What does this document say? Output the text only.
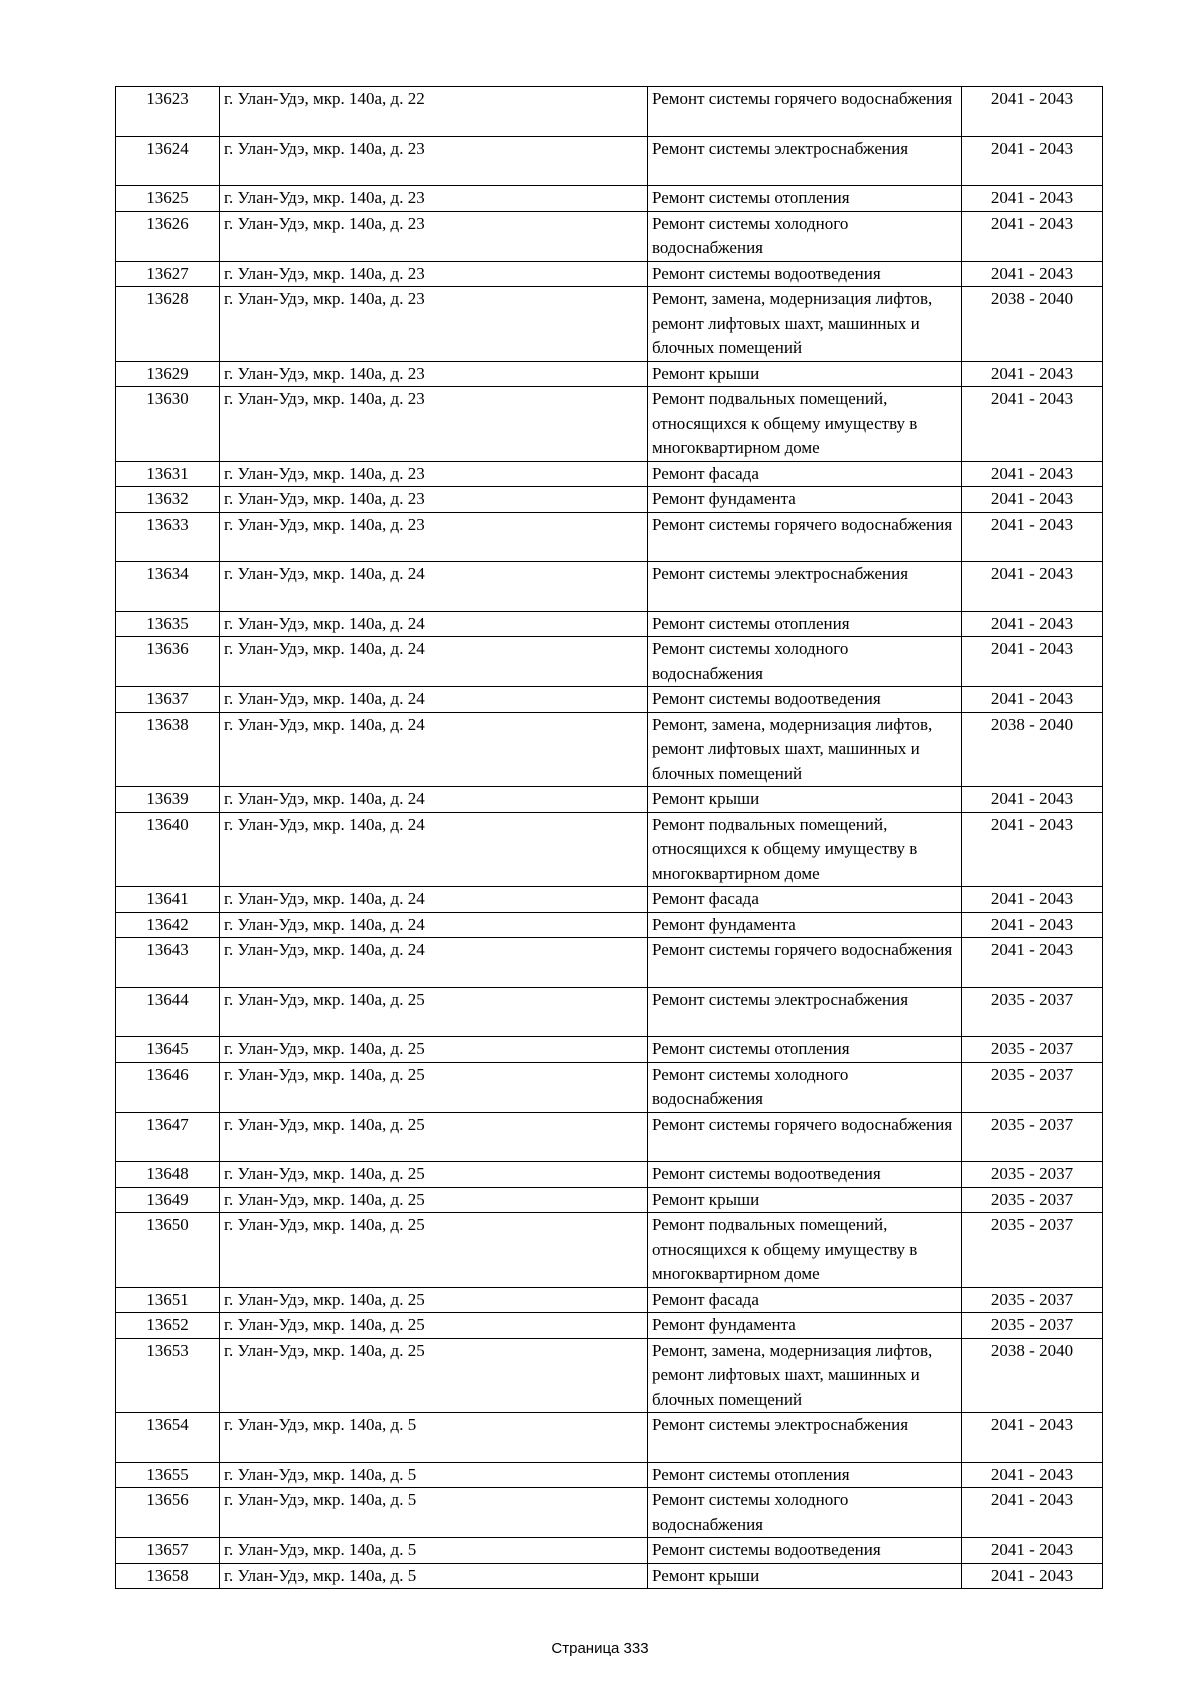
13623	г. Улан-Удэ, мкр. 140а, д. 22	Ремонт системы горячего водоснабжения	2041 - 2043
13624	г. Улан-Удэ, мкр. 140а, д. 23	Ремонт системы электроснабжения	2041 - 2043
13625	г. Улан-Удэ, мкр. 140а, д. 23	Ремонт системы отопления	2041 - 2043
13626	г. Улан-Удэ, мкр. 140а, д. 23	Ремонт системы холодного водоснабжения	2041 - 2043
13627	г. Улан-Удэ, мкр. 140а, д. 23	Ремонт системы водоотведения	2041 - 2043
13628	г. Улан-Удэ, мкр. 140а, д. 23	Ремонт, замена, модернизация лифтов, ремонт лифтовых шахт, машинных и блочных помещений	2038 - 2040
13629	г. Улан-Удэ, мкр. 140а, д. 23	Ремонт крыши	2041 - 2043
13630	г. Улан-Удэ, мкр. 140а, д. 23	Ремонт подвальных помещений, относящихся к общему имуществу в многоквартирном доме	2041 - 2043
13631	г. Улан-Удэ, мкр. 140а, д. 23	Ремонт фасада	2041 - 2043
13632	г. Улан-Удэ, мкр. 140а, д. 23	Ремонт фундамента	2041 - 2043
13633	г. Улан-Удэ, мкр. 140а, д. 23	Ремонт системы горячего водоснабжения	2041 - 2043
13634	г. Улан-Удэ, мкр. 140а, д. 24	Ремонт системы электроснабжения	2041 - 2043
13635	г. Улан-Удэ, мкр. 140а, д. 24	Ремонт системы отопления	2041 - 2043
13636	г. Улан-Удэ, мкр. 140а, д. 24	Ремонт системы холодного водоснабжения	2041 - 2043
13637	г. Улан-Удэ, мкр. 140а, д. 24	Ремонт системы водоотведения	2041 - 2043
13638	г. Улан-Удэ, мкр. 140а, д. 24	Ремонт, замена, модернизация лифтов, ремонт лифтовых шахт, машинных и блочных помещений	2038 - 2040
13639	г. Улан-Удэ, мкр. 140а, д. 24	Ремонт крыши	2041 - 2043
13640	г. Улан-Удэ, мкр. 140а, д. 24	Ремонт подвальных помещений, относящихся к общему имуществу в многоквартирном доме	2041 - 2043
13641	г. Улан-Удэ, мкр. 140а, д. 24	Ремонт фасада	2041 - 2043
13642	г. Улан-Удэ, мкр. 140а, д. 24	Ремонт фундамента	2041 - 2043
13643	г. Улан-Удэ, мкр. 140а, д. 24	Ремонт системы горячего водоснабжения	2041 - 2043
13644	г. Улан-Удэ, мкр. 140а, д. 25	Ремонт системы электроснабжения	2035 - 2037
13645	г. Улан-Удэ, мкр. 140а, д. 25	Ремонт системы отопления	2035 - 2037
13646	г. Улан-Удэ, мкр. 140а, д. 25	Ремонт системы холодного водоснабжения	2035 - 2037
13647	г. Улан-Удэ, мкр. 140а, д. 25	Ремонт системы горячего водоснабжения	2035 - 2037
13648	г. Улан-Удэ, мкр. 140а, д. 25	Ремонт системы водоотведения	2035 - 2037
13649	г. Улан-Удэ, мкр. 140а, д. 25	Ремонт крыши	2035 - 2037
13650	г. Улан-Удэ, мкр. 140а, д. 25	Ремонт подвальных помещений, относящихся к общему имуществу в многоквартирном доме	2035 - 2037
13651	г. Улан-Удэ, мкр. 140а, д. 25	Ремонт фасада	2035 - 2037
13652	г. Улан-Удэ, мкр. 140а, д. 25	Ремонт фундамента	2035 - 2037
13653	г. Улан-Удэ, мкр. 140а, д. 25	Ремонт, замена, модернизация лифтов, ремонт лифтовых шахт, машинных и блочных помещений	2038 - 2040
13654	г. Улан-Удэ, мкр. 140а, д. 5	Ремонт системы электроснабжения	2041 - 2043
13655	г. Улан-Удэ, мкр. 140а, д. 5	Ремонт системы отопления	2041 - 2043
13656	г. Улан-Удэ, мкр. 140а, д. 5	Ремонт системы холодного водоснабжения	2041 - 2043
13657	г. Улан-Удэ, мкр. 140а, д. 5	Ремонт системы водоотведения	2041 - 2043
13658	г. Улан-Удэ, мкр. 140а, д. 5	Ремонт крыши	2041 - 2043
Страница 333
